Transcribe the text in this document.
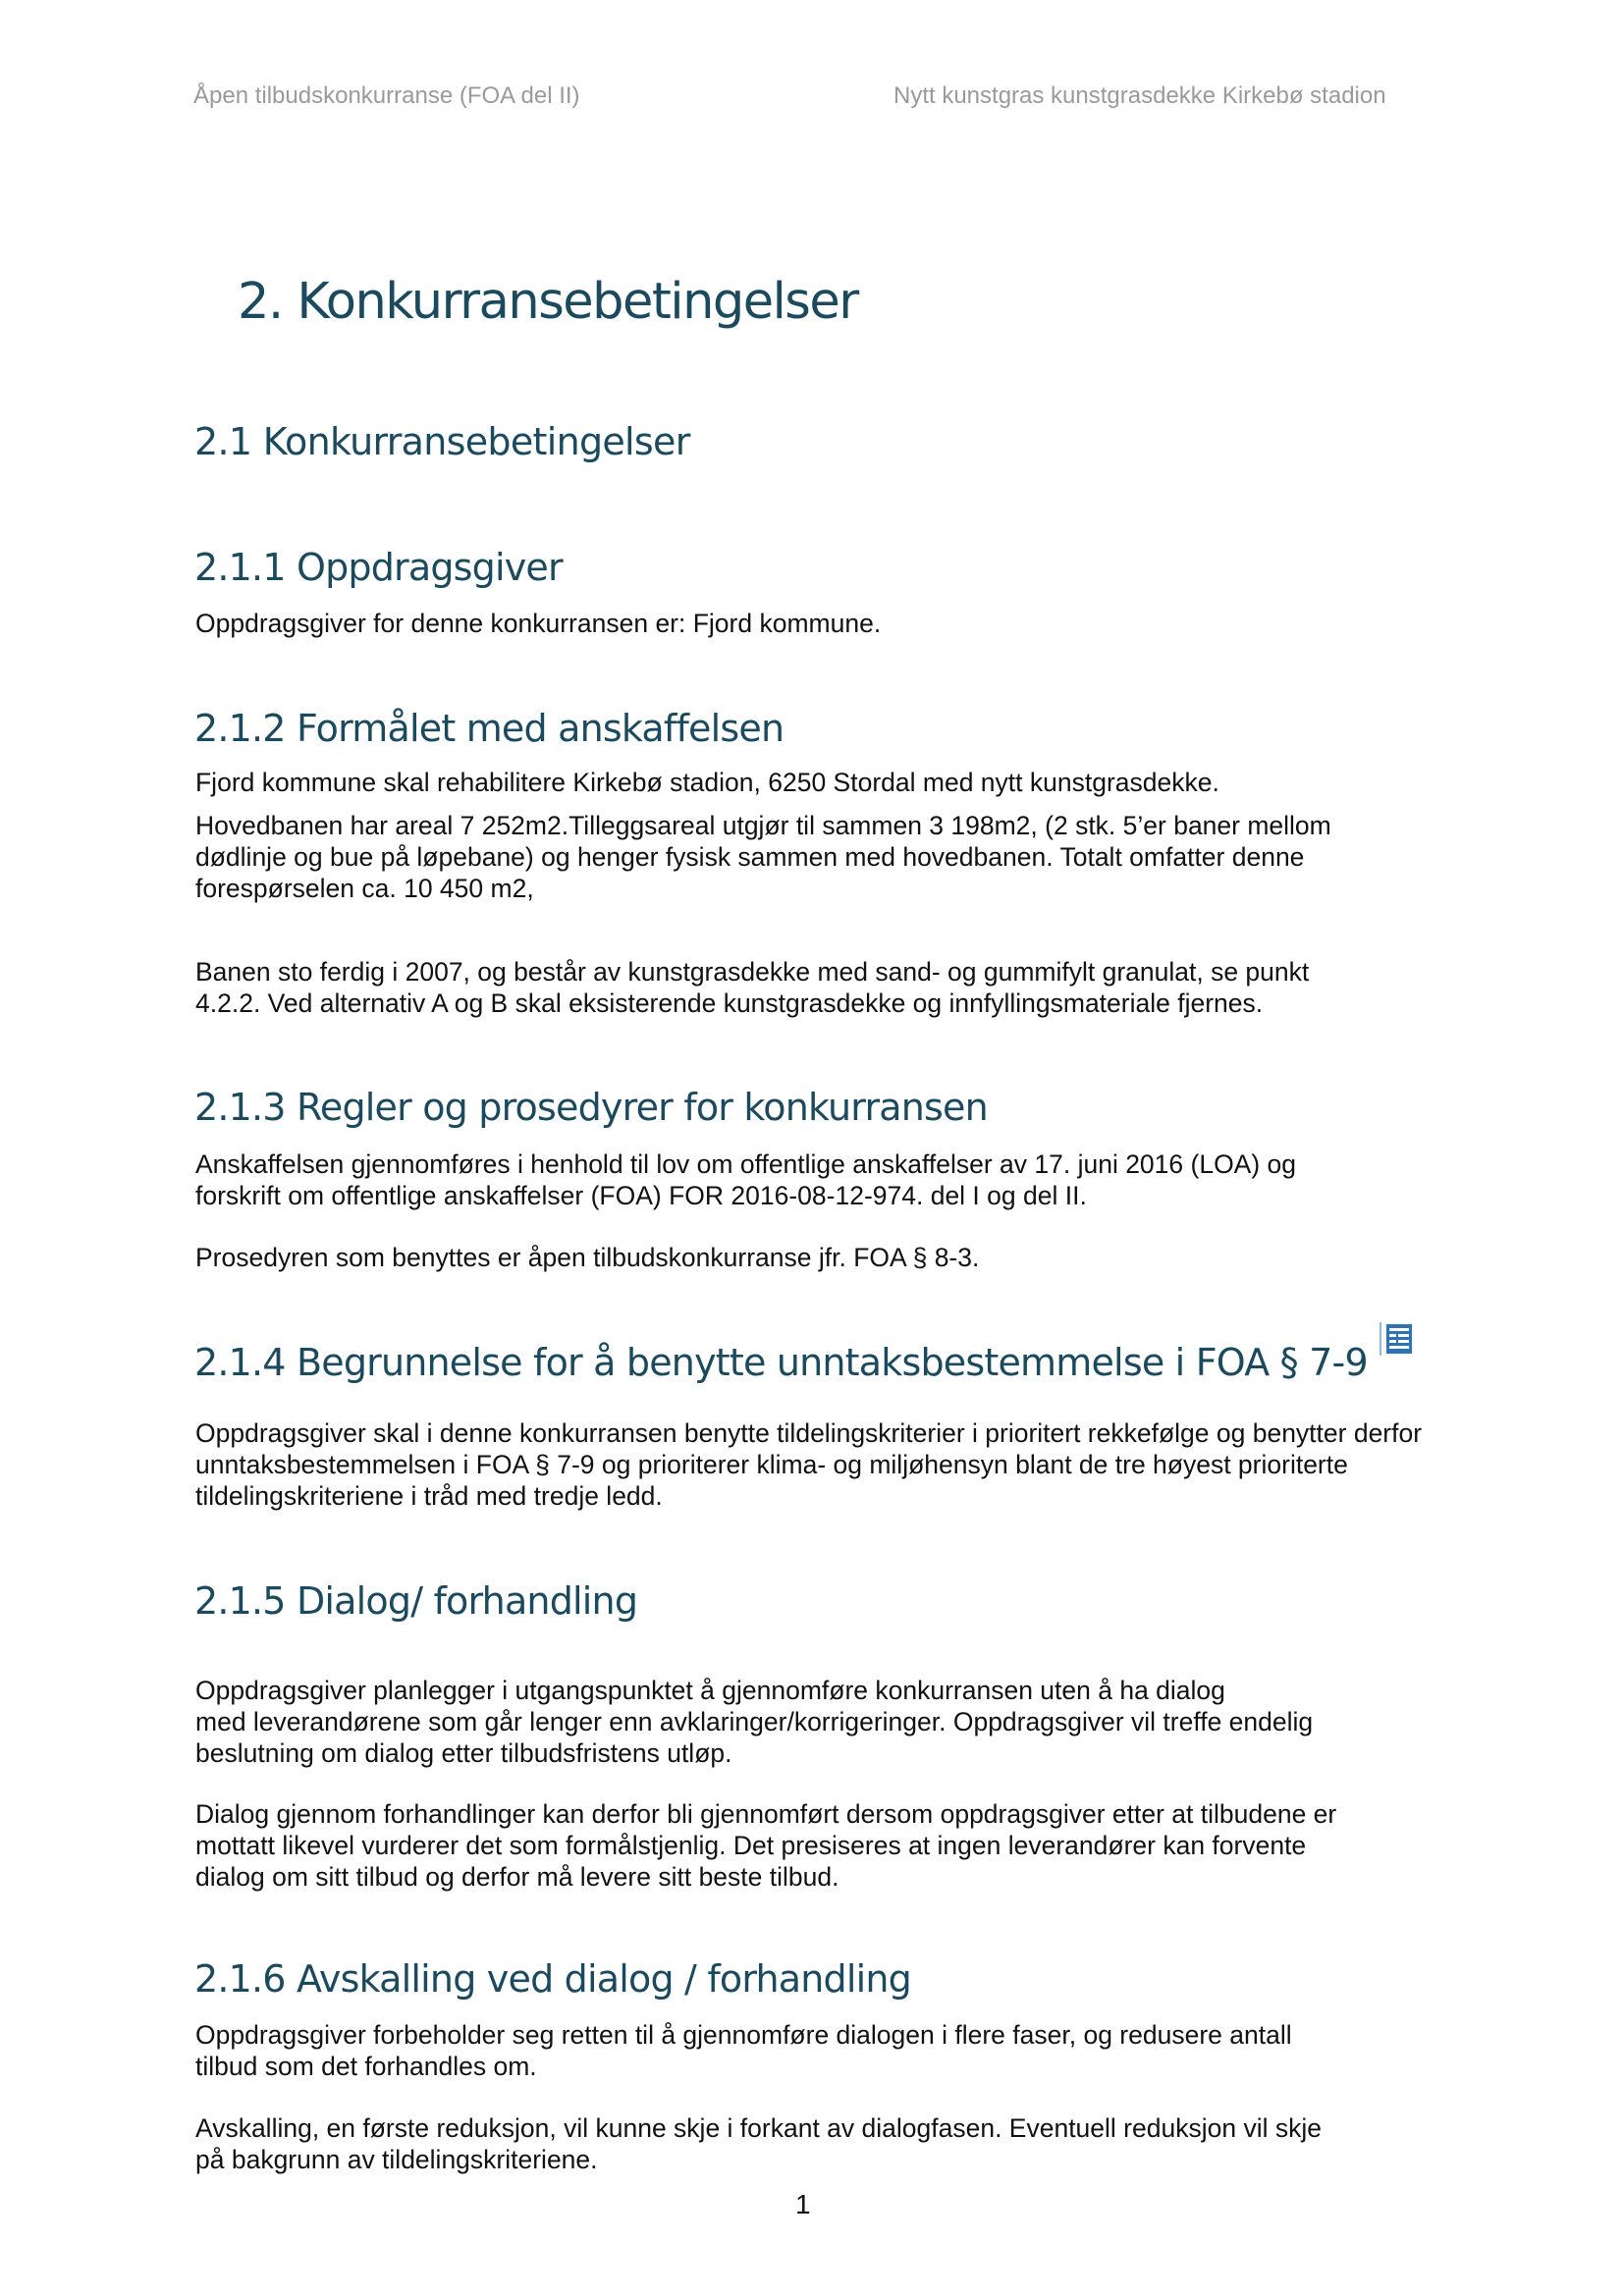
Åpen tilbudskonkurranse (FOA del II)	Nytt kunstgras kunstgrasdekke Kirkebø stadion
2. Konkurransebetingelser
2.1 Konkurransebetingelser
2.1.1 Oppdragsgiver

Oppdragsgiver for denne konkurransen er: Fjord kommune.

2.1.2 Formålet med anskaffelsen

Fjord kommune skal rehabilitere Kirkebø stadion, 6250 Stordal med nytt kunstgrasdekke.

Hovedbanen har areal 7 252m2.Tilleggsareal utgjør til sammen 3 198m2, (2 stk. 5’er baner mellom
dødlinje og bue på løpebane) og henger fysisk sammen med hovedbanen. Totalt omfatter denne
forespørselen ca. 10 450 m2,

Banen sto ferdig i 2007, og består av kunstgrasdekke med sand- og gummifylt granulat, se punkt
4.2.2. Ved alternativ A og B skal eksisterende kunstgrasdekke og innfyllingsmateriale fjernes.

2.1.3 Regler og prosedyrer for konkurransen

Anskaffelsen gjennomføres i henhold til lov om offentlige anskaffelser av 17. juni 2016 (LOA) og
forskrift om offentlige anskaffelser (FOA) FOR 2016-08-12-974. del I og del II.

Prosedyren som benyttes er åpen tilbudskonkurranse jfr. FOA § 8-3.

2.1.4 Begrunnelse for å benytte unntaksbestemmelse i FOA § 7-9

Oppdragsgiver skal i denne konkurransen benytte tildelingskriterier i prioritert rekkefølge og benytter derfor
unntaksbestemmelsen i FOA § 7-9 og prioriterer klima- og miljøhensyn blant de tre høyest prioriterte
tildelingskriteriene i tråd med tredje ledd.

2.1.5 Dialog/ forhandling

Oppdragsgiver planlegger i utgangspunktet å gjennomføre konkurransen uten å ha dialog
med leverandørene som går lenger enn avklaringer/korrigeringer. Oppdragsgiver vil treffe endelig
beslutning om dialog etter tilbudsfristens utløp.

Dialog gjennom forhandlinger kan derfor bli gjennomført dersom oppdragsgiver etter at tilbudene er
mottatt likevel vurderer det som formålstjenlig. Det presiseres at ingen leverandører kan forvente
dialog om sitt tilbud og derfor må levere sitt beste tilbud.

2.1.6 Avskalling ved dialog / forhandling

Oppdragsgiver forbeholder seg retten til å gjennomføre dialogen i flere faser, og redusere antall
tilbud som det forhandles om.

Avskalling, en første reduksjon, vil kunne skje i forkant av dialogfasen. Eventuell reduksjon vil skje
på bakgrunn av tildelingskriteriene.

1
